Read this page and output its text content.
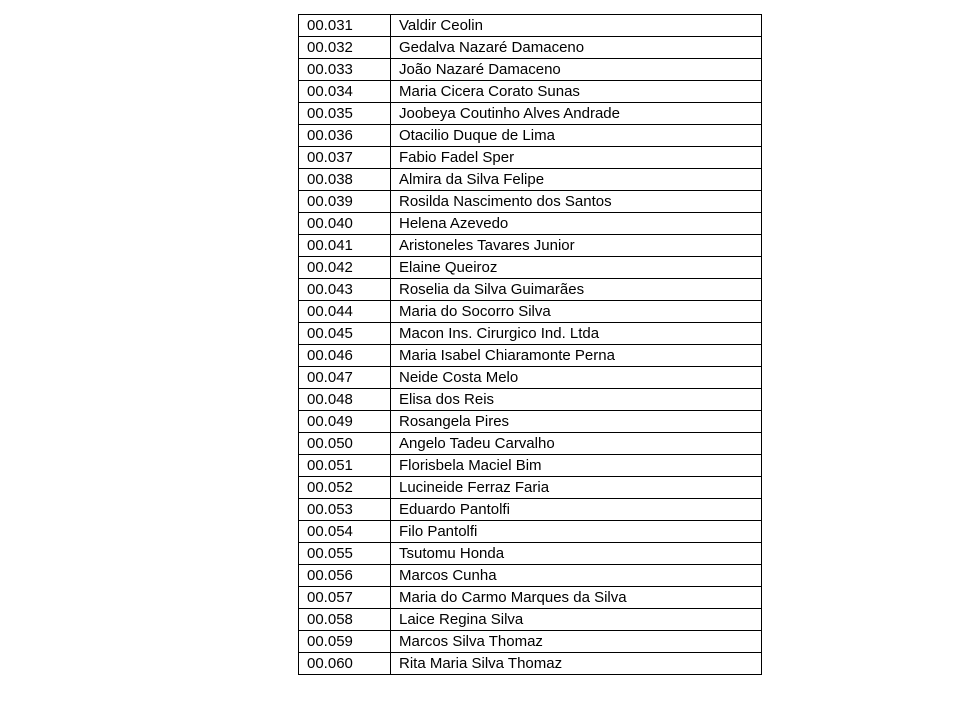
00.031	Valdir Ceolin
00.032	Gedalva Nazaré Damaceno
00.033	João Nazaré Damaceno
00.034	Maria Cicera Corato Sunas
00.035	Joobeya Coutinho Alves Andrade
00.036	Otacilio Duque de Lima
00.037	Fabio Fadel Sper
00.038	Almira da Silva Felipe
00.039	Rosilda Nascimento dos Santos
00.040	Helena Azevedo
00.041	Aristoneles Tavares Junior
00.042	Elaine Queiroz
00.043	Roselia da Silva Guimarães
00.044	Maria do Socorro Silva
00.045	Macon Ins. Cirurgico Ind. Ltda
00.046	Maria Isabel Chiaramonte Perna
00.047	Neide Costa Melo
00.048	Elisa dos Reis
00.049	Rosangela Pires
00.050	Angelo Tadeu Carvalho
00.051	Florisbela Maciel Bim
00.052	Lucineide Ferraz Faria
00.053	Eduardo Pantolfi
00.054	Filo Pantolfi
00.055	Tsutomu Honda
00.056	Marcos Cunha
00.057	Maria do Carmo Marques da Silva
00.058	Laice Regina Silva
00.059	Marcos Silva Thomaz
00.060	Rita Maria Silva Thomaz
